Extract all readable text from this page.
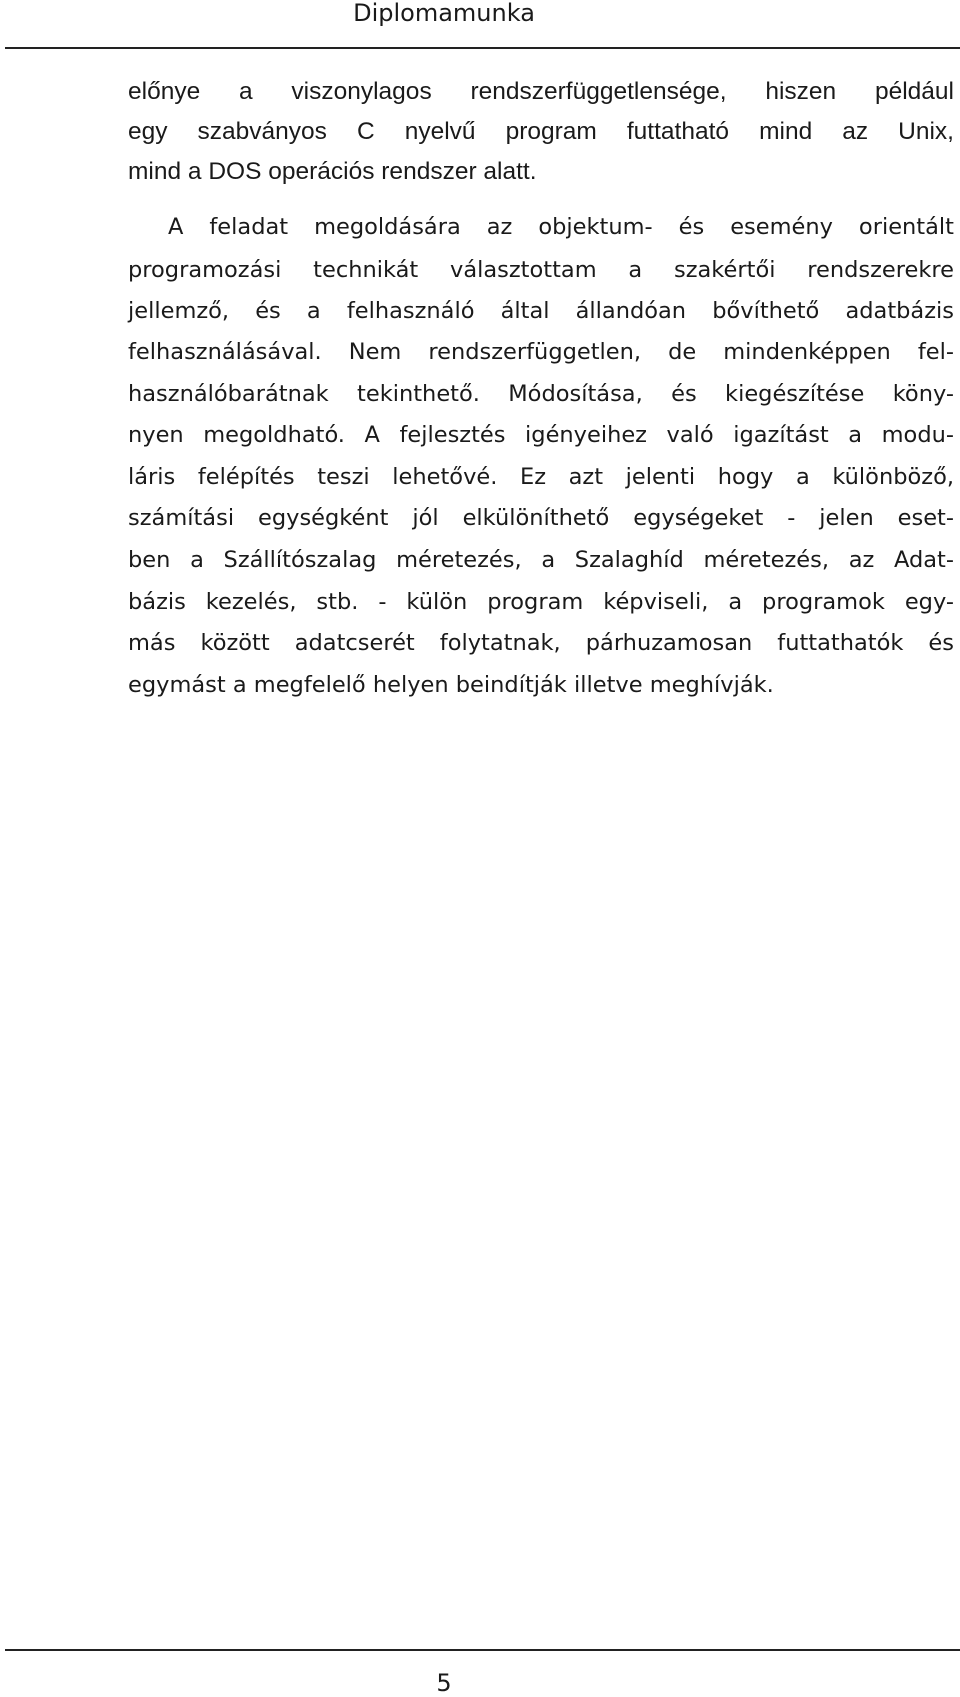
Diplomamunka
előnye a viszonylagos rendszerfüggetlensége, hiszen például
egy szabványos C nyelvű program futtatható mind az Unix,
mind a DOS operációs rendszer alatt.
A feladat megoldására az objektum- és esemény orientált
programozási technikát választottam a szakértői rendszerekre
jellemző, és a felhasználó által állandóan bővíthető adatbázis
felhasználásával. Nem rendszerfüggetlen, de mindenképpen fel-
használóbarátnak tekinthető. Módosítása, és kiegészítése köny-
nyen megoldható. A fejlesztés igényeihez való igazítást a modu-
láris felépítés teszi lehetővé. Ez azt jelenti hogy a különböző,
számítási egységként jól elkülöníthető egységeket - jelen eset-
ben a Szállítószalag méretezés, a Szalaghíd méretezés, az Adat-
bázis kezelés, stb. - külön program képviseli, a programok egy-
más között adatcserét folytatnak, párhuzamosan futtathatók és
egymást a megfelelő helyen beindítják illetve meghívják.
5
